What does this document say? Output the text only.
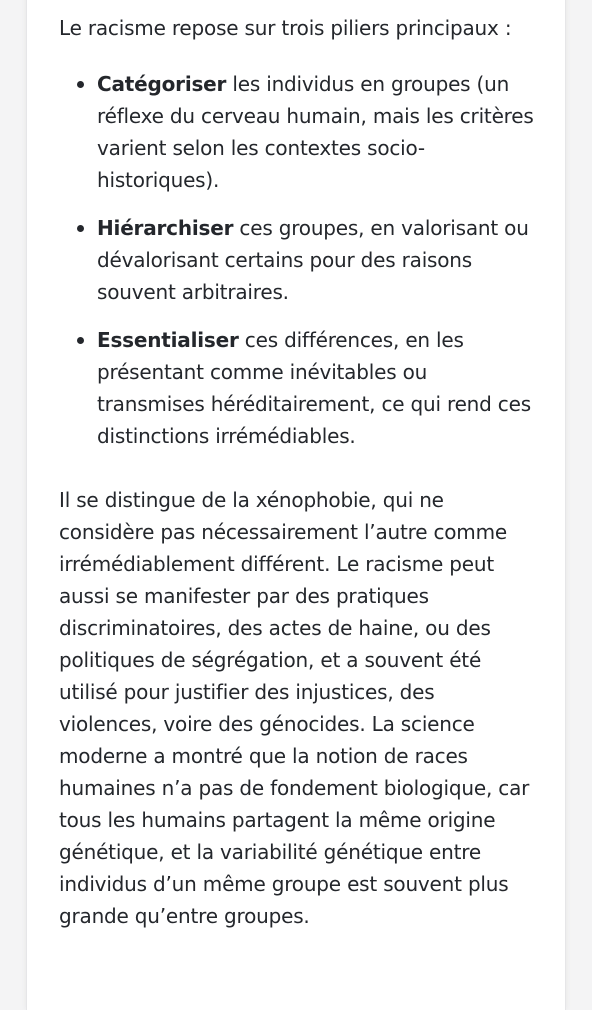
Le racisme repose sur trois piliers principaux :

Catégoriser les individus en groupes (un réflexe du cerveau humain, mais les critères varient selon les contextes socio-historiques).
Hiérarchiser ces groupes, en valorisant ou dévalorisant certains pour des raisons souvent arbitraires.
Essentialiser ces différences, en les présentant comme inévitables ou transmises héréditairement, ce qui rend ces distinctions irrémédiables.

Il se distingue de la xénophobie, qui ne considère pas nécessairement l’autre comme irrémédiablement différent. Le racisme peut aussi se manifester par des pratiques discriminatoires, des actes de haine, ou des politiques de ségrégation, et a souvent été utilisé pour justifier des injustices, des violences, voire des génocides. La science moderne a montré que la notion de races humaines n’a pas de fondement biologique, car tous les humains partagent la même origine génétique, et la variabilité génétique entre individus d’un même groupe est souvent plus grande qu’entre groupes.
